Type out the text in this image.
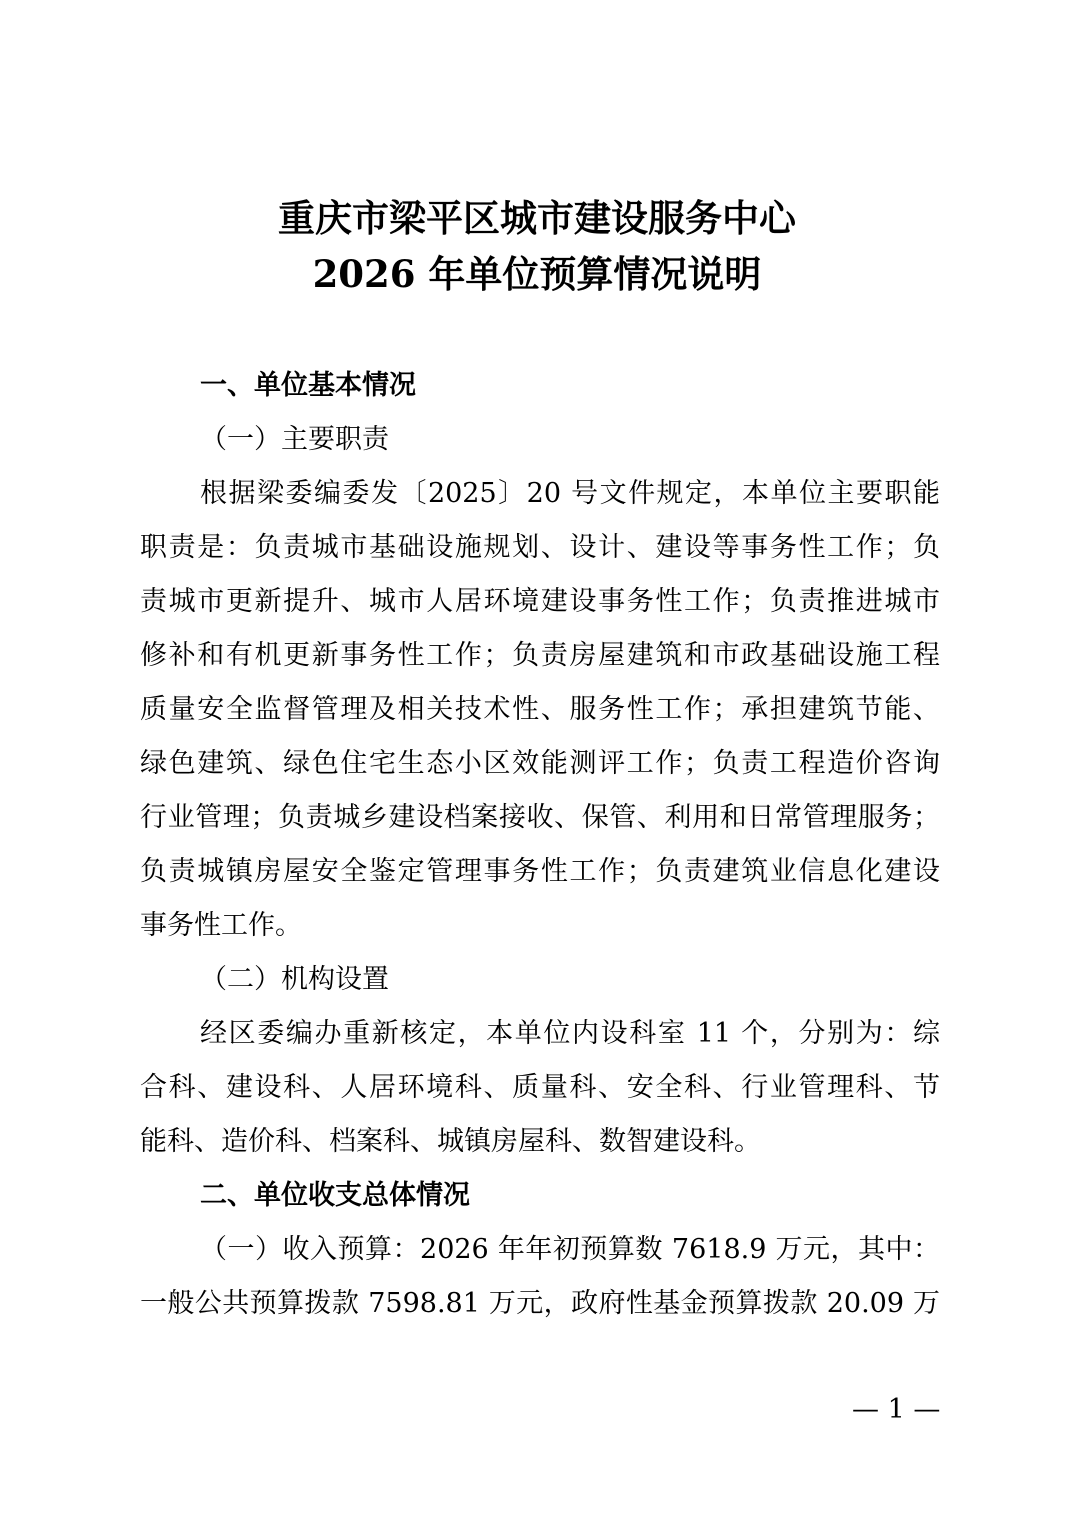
重庆市梁平区城市建设服务中心
2026 年单位预算情况说明
一、单位基本情况
（一）主要职责
根据梁委编委发〔2025〕20 号文件规定，本单位主要职能
职责是：负责城市基础设施规划、设计、建设等事务性工作；负
责城市更新提升、城市人居环境建设事务性工作；负责推进城市
修补和有机更新事务性工作；负责房屋建筑和市政基础设施工程
质量安全监督管理及相关技术性、服务性工作；承担建筑节能、
绿色建筑、绿色住宅生态小区效能测评工作；负责工程造价咨询
行业管理；负责城乡建设档案接收、保管、利用和日常管理服务；
负责城镇房屋安全鉴定管理事务性工作；负责建筑业信息化建设
事务性工作。
（二）机构设置
经区委编办重新核定，本单位内设科室 11 个，分别为：综
合科、建设科、人居环境科、质量科、安全科、行业管理科、节
能科、造价科、档案科、城镇房屋科、数智建设科。
二、单位收支总体情况
（一）收入预算：2026 年年初预算数 7618.9 万元，其中：
一般公共预算拨款 7598.81 万元，政府性基金预算拨款 20.09 万
— 1 —
